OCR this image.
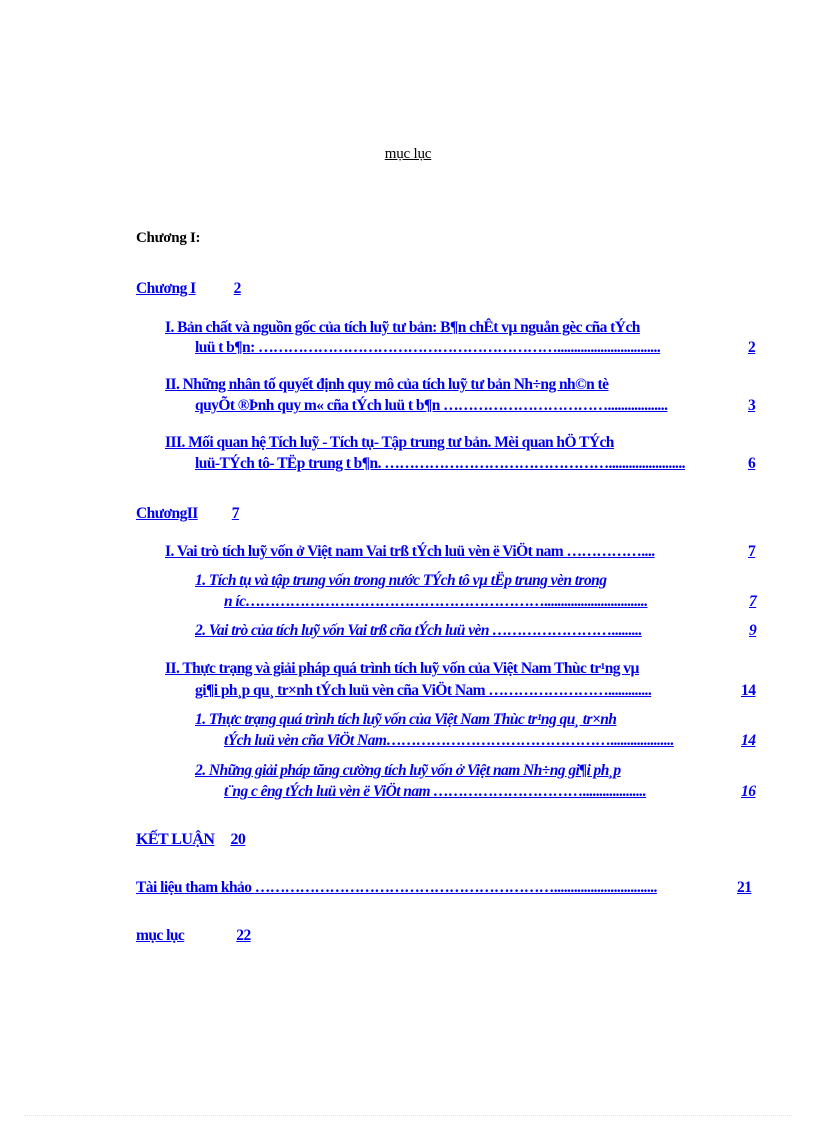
mục lục
Chương I:
Chương I 2
I. Bản chất và nguồn gốc của tích luỹ tư bản: B¶n chÊt vµ nguån gèc cña tÝch
luü t b¶n: ……………………………………………………...............................	2
II. Những nhân tố quyết định quy mô của tích luỹ tư bản Nh÷ng nh©n tè
quyÕt ®Þnh quy m« cña tÝch luü t b¶n ……………………………..................	3
III. Mối quan hệ Tích luỹ - Tích tụ- Tập trung tư bản. Mèi quan hÖ TÝch
luü-TÝch tô- TËp trung t b¶n. ……………………………………….......................	6
ChươngII 7
I. Vai trò tích luỹ vốn ở Việt nam Vai trß tÝch luü vèn ë ViÖt nam ……………....	7
1. Tích tụ và tập trung vốn trong nước TÝch tô vµ tËp trung vèn trong
n íc……………………………………………………...............................	7
2. Vai trò của tích luỹ vốn Vai trß cña tÝch luü vèn …………………….........	9
II. Thực trạng và giải pháp quá trình tích luỹ vốn của Việt Nam Thùc tr¹ng vµ
gi¶i ph¸p qu¸ tr×nh tÝch luü vèn cña ViÖt Nam …………………….............	14
1. Thực trạng quá trình tích luỹ vốn của Việt Nam Thùc tr¹ng qu¸ tr×nh
tÝch luü vèn cña ViÖt Nam………………………………………...................	14
2. Những giải pháp tăng cường tích luỹ vốn ở Việt nam Nh÷ng gi¶i ph¸p
t¨ng c êng tÝch luü vèn ë ViÖt nam …………………………...................	16
KẾT LUẬN 20
Tài liệu tham khảo ……………………………………………………...............................	21
mục lục	22
